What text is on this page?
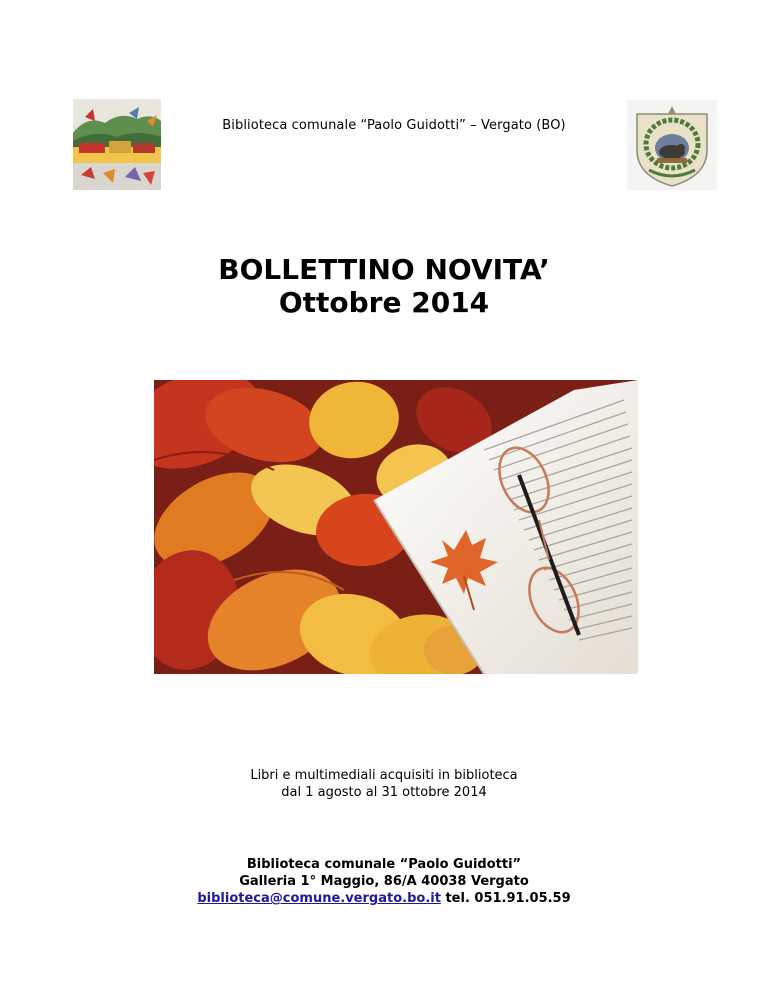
Biblioteca comunale “Paolo Guidotti” – Vergato (BO)
BOLLETTINO NOVITA’
Ottobre 2014
Libri e multimediali acquisiti in biblioteca
dal 1 agosto al 31 ottobre 2014
Biblioteca comunale “Paolo Guidotti”
Galleria 1° Maggio, 86/A 40038 Vergato
biblioteca@comune.vergato.bo.it tel. 051.91.05.59
